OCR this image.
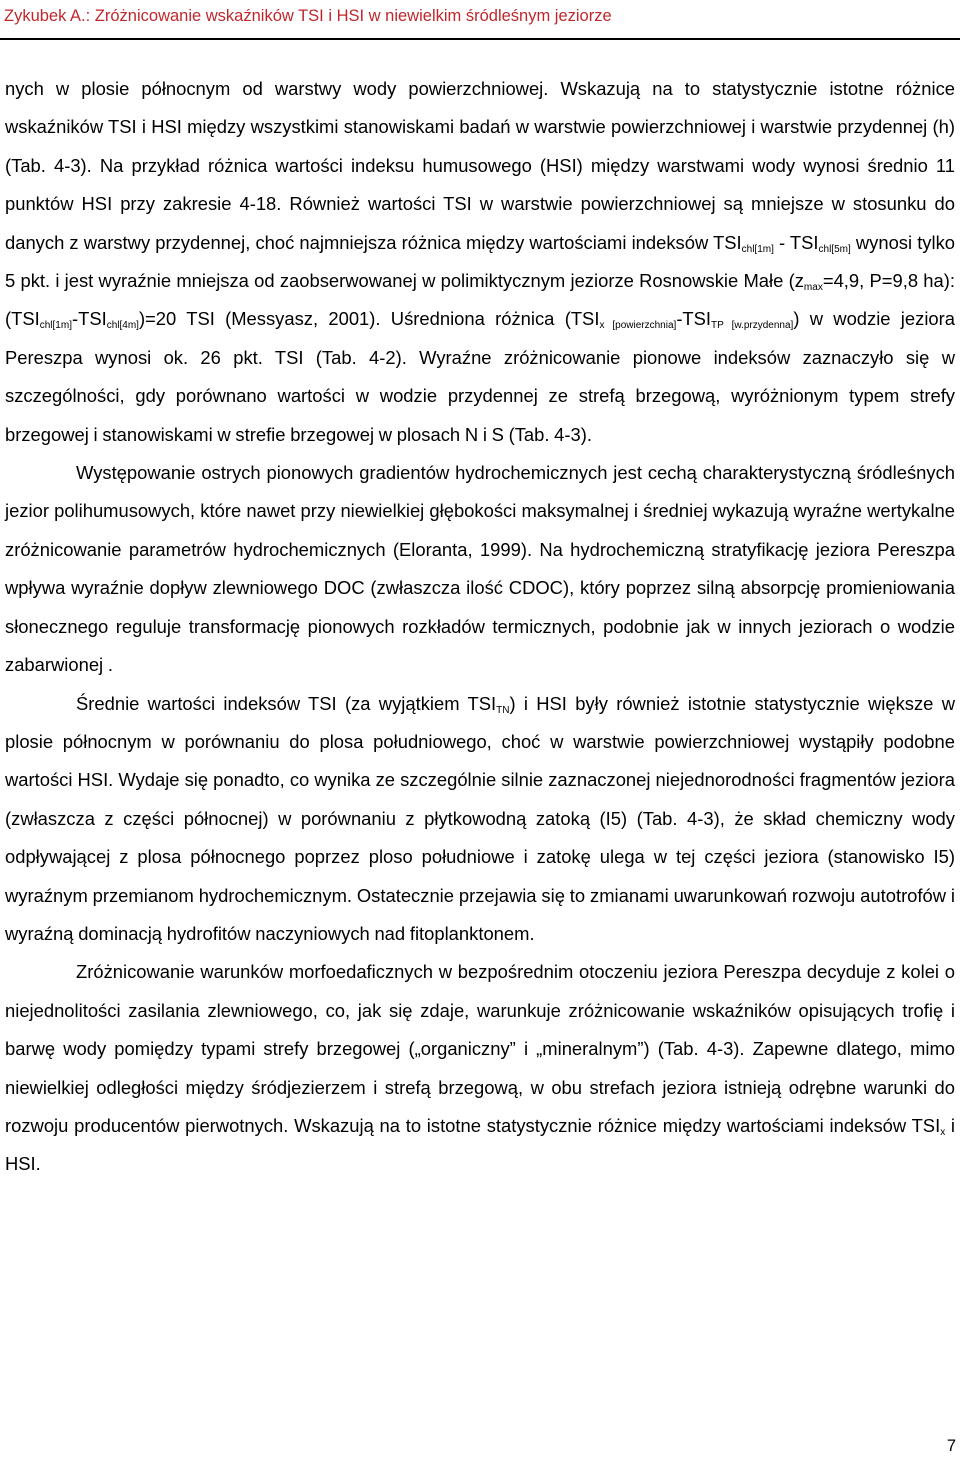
Zykubek A.: Zróżnicowanie wskaźników TSI i HSI w niewielkim śródleśnym jeziorze

nych w plosie północnym od warstwy wody powierzchniowej. Wskazują na to statystycznie istotne różnice wskaźników TSI i HSI między wszystkimi stanowiskami badań w warstwie powierzchniowej i warstwie przydennej (h) (Tab. 4-3). Na przykład różnica wartości indeksu humusowego (HSI) między warstwami wody wynosi średnio 11 punktów HSI przy zakresie 4-18. Również wartości TSI w warstwie powierzchniowej są mniejsze w stosunku do danych z warstwy przydennej, choć najmniejsza różnica między wartościami indeksów $TSI_{chl[1m]} - TSI_{chl[5m]}$ wynosi tylko 5 pkt. i jest wyraźnie mniejsza od zaobserwowanej w polimiktycznym jeziorze Rosnowskie Małe ($z_{max}=4,9$, P=9,8 ha): $(TSI_{chl[1m]}-TSI_{chl[4m]})=20$ TSI (Messyasz, 2001). Uśredniona różnica $(TSI_{x [powierzchnia]}-TSI_{TP [w.przydenna]})$ w wodzie jeziora Pereszpa wynosi ok. 26 pkt. TSI (Tab. 4-2). Wyraźne zróżnicowanie pionowe indeksów zaznaczyło się w szczególności, gdy porównano wartości w wodzie przydennej ze strefą brzegową, wyróżnionym typem strefy brzegowej i stanowiskami w strefie brzegowej w plosach N i S (Tab. 4-3).

Występowanie ostrych pionowych gradientów hydrochemicznych jest cechą charakterystyczną śródleśnych jezior polihumusowych, które nawet przy niewielkiej głębokości maksymalnej i średniej wykazują wyraźne wertykalne zróżnicowanie parametrów hydrochemicznych (Eloranta, 1999). Na hydrochemiczną stratyfikację jeziora Pereszpa wpływa wyraźnie dopływ zlewniowego DOC (zwłaszcza ilość CDOC), który poprzez silną absorpcję promieniowania słonecznego reguluje transformację pionowych rozkładów termicznych, podobnie jak w innych jeziorach o wodzie zabarwionej .

Średnie wartości indeksów TSI (za wyjątkiem $TSI_{TN}$) i HSI były również istotnie statystycznie większe w plosie północnym w porównaniu do plosa południowego, choć w warstwie powierzchniowej wystąpiły podobne wartości HSI. Wydaje się ponadto, co wynika ze szczególnie silnie zaznaczonej niejednorodności fragmentów jeziora (zwłaszcza z części północnej) w porównaniu z płytkowodną zatoką (I5) (Tab. 4-3), że skład chemiczny wody odpływającej z plosa północnego poprzez ploso południowe i zatokę ulega w tej części jeziora (stanowisko I5) wyraźnym przemianom hydrochemicznym. Ostatecznie przejawia się to zmianami uwarunkowań rozwoju autotrofów i wyraźną dominacją hydrofitów naczyniowych nad fitoplanktonem.

Zróżnicowanie warunków morfoedaficznych w bezpośrednim otoczeniu jeziora Pereszpa decyduje z kolei o niejednolitości zasilania zlewniowego, co, jak się zdaje, warunkuje zróżnicowanie wskaźników opisujących trofię i barwę wody pomiędzy typami strefy brzegowej („organiczny” i „mineralnym”) (Tab. 4-3). Zapewne dlatego, mimo niewielkiej odległości między śródjezierzem i strefą brzegową, w obu strefach jeziora istnieją odrębne warunki do rozwoju producentów pierwotnych. Wskazują na to istotne statystycznie różnice między wartościami indeksów $TSI_x$ i HSI.

7
